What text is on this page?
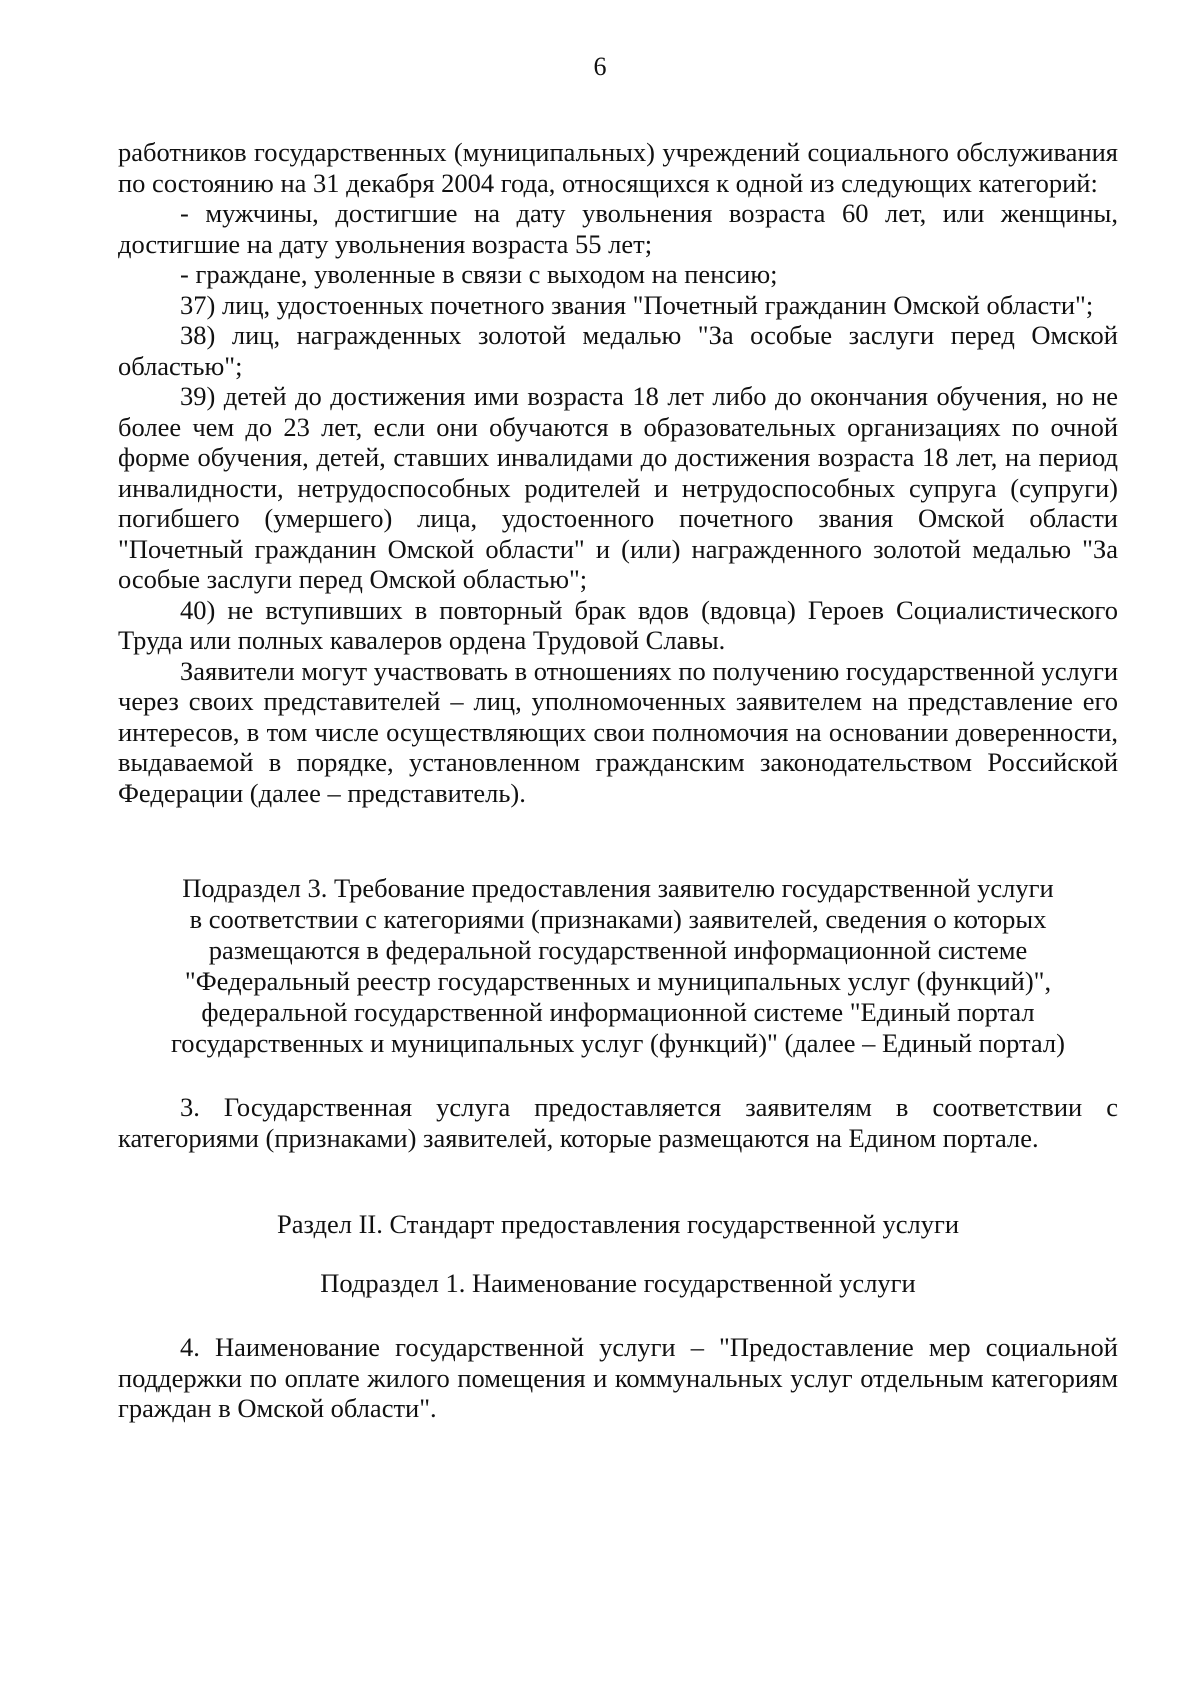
6

работников государственных (муниципальных) учреждений социального обслуживания по состоянию на 31 декабря 2004 года, относящихся к одной из следующих категорий:

- мужчины, достигшие на дату увольнения возраста 60 лет, или женщины, достигшие на дату увольнения возраста 55 лет;

- граждане, уволенные в связи с выходом на пенсию;

37) лиц, удостоенных почетного звания "Почетный гражданин Омской области";

38) лиц, награжденных золотой медалью "За особые заслуги перед Омской областью";

39) детей до достижения ими возраста 18 лет либо до окончания обучения, но не более чем до 23 лет, если они обучаются в образовательных организациях по очной форме обучения, детей, ставших инвалидами до достижения возраста 18 лет, на период инвалидности, нетрудоспособных родителей и нетрудоспособных супруга (супруги) погибшего (умершего) лица, удостоенного почетного звания Омской области "Почетный гражданин Омской области" и (или) награжденного золотой медалью "За особые заслуги перед Омской областью";

40) не вступивших в повторный брак вдов (вдовца) Героев Социалистического Труда или полных кавалеров ордена Трудовой Славы.

Заявители могут участвовать в отношениях по получению государственной услуги через своих представителей – лиц, уполномоченных заявителем на представление его интересов, в том числе осуществляющих свои полномочия на основании доверенности, выдаваемой в порядке, установленном гражданским законодательством Российской Федерации (далее – представитель).

Подраздел 3. Требование предоставления заявителю государственной услуги

в соответствии с категориями (признаками) заявителей, сведения о которых

размещаются в федеральной государственной информационной системе

"Федеральный реестр государственных и муниципальных услуг (функций)",

федеральной государственной информационной системе "Единый портал

государственных и муниципальных услуг (функций)" (далее – Единый портал)

3. Государственная услуга предоставляется заявителям в соответствии с категориями (признаками) заявителей, которые размещаются на Едином портале.

Раздел II. Стандарт предоставления государственной услуги

Подраздел 1. Наименование государственной услуги

4. Наименование государственной услуги – "Предоставление мер социальной поддержки по оплате жилого помещения и коммунальных услуг отдельным категориям граждан в Омской области".
